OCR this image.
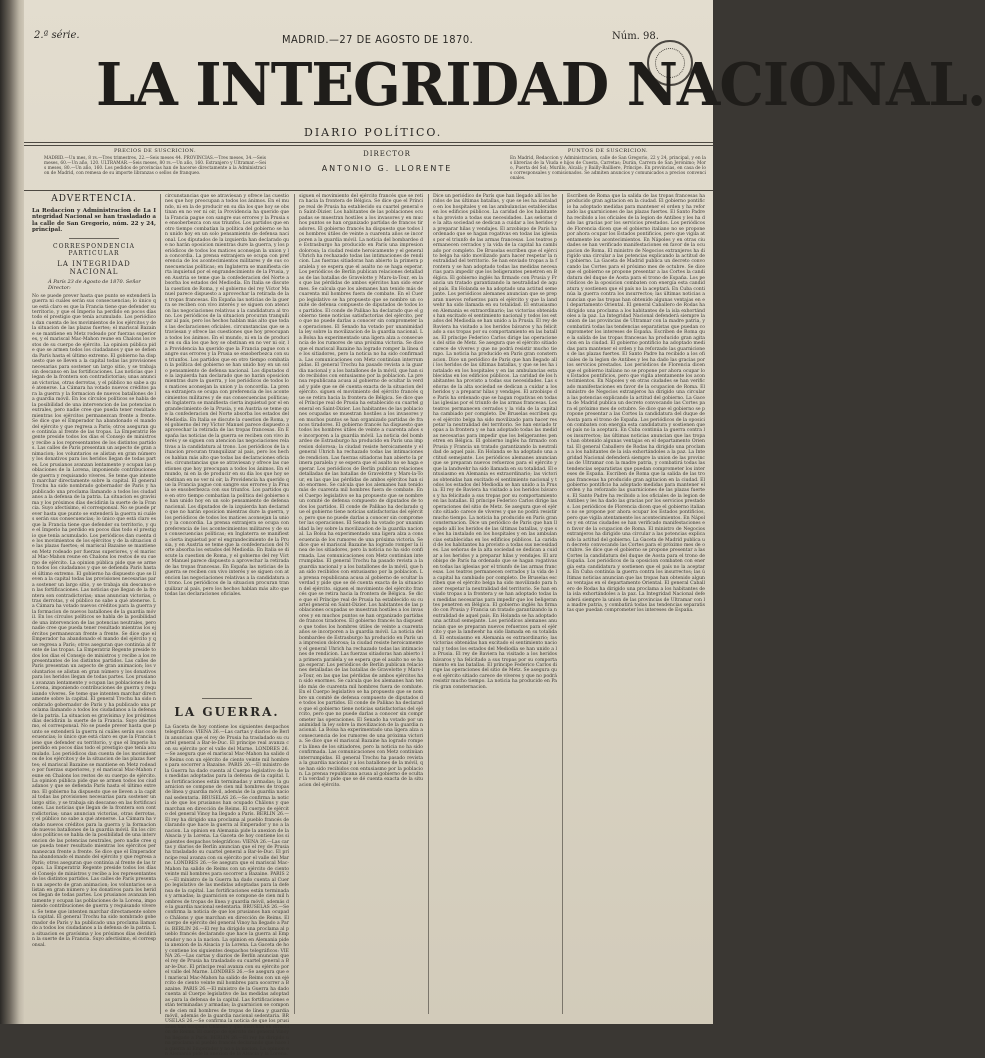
2.ª série.	MADRID.—27 DE AGOSTO DE 1870.	Núm. 98.
LA INTEGRIDAD NACIONAL.
DIARIO POLÍTICO.
PRECIOS DE SUSCRICION.
MADRID.—Un mes, 8 rs.—Tres trimestres, 22.—Seis meses 44. PROVINCIAS.—Tres meses, 34.—Seis meses, 60.—Un año, 120. ULTRAMAR.—Seis meses, 80 rs.—Un año, 160. Estranjero y Ultramar.—Seis meses, 80.—Un año, 160. Los pedidos de provincias han de hacerse directamente a la Administracion de Madrid, con remesa de su importe libranzas o sellos de franqueo.
DIRECTOR
ANTONIO G. LLORENTE
PUNTOS DE SUSCRICION.
En Madrid, Redaccion y Administracion, calle de San Gregorio, 22 y 24, principal, y en las librerías de la Viuda e hijos de Cuesta, Carretas; Durán, Carrera de San Jerónimo; Moro, Puerta del Sol; Murillo, Alcalá; y Bailly-Bailliere, Príncipe. En provincias, en casa de los corresponsales y comisionados. Se admiten anuncios y comunicados a precios convencionales.
ADVERTENCIA.
La Redaccion y Administracion de La Integridad Nacional se han trasladado a la calle de San Gregorio, núm. 22 y 24, principal.
CORRESPONDENCIA PARTICULAR
LA INTEGRIDAD NACIONAL
Á París 23 de Agosto de 1870. Señor Director:
No se puede prever hasta que punto se extenderá la guerra ni cuáles serán sus consecuencias; lo único que está claro es que la Francia tiene que defender su territorio, y que el Imperio ha perdido en pocos días todo el prestigio que tenía acumulado. Los periódicos dan cuenta de los movimientos de los ejércitos y de la situacion de las plazas fuertes; el mariscal Bazaine se mantiene en Metz rodeado por fuerzas superiores, y el mariscal Mac-Mahon reune en Chalons los restos de su cuerpo de ejército. La opinion pública pide que se armen todos los ciudadanos y que se defienda París hasta el último extremo. El gobierno ha dispuesto que se lleven a la capital todas las provisiones necesarias para sostener un largo sitio, y se trabaja sin descanso en las fortificaciones. Las noticias que llegan de la frontera son contradictorias; unas anuncian victorias, otras derrotas, y el público no sabe a qué atenerse. La Cámara ha votado nuevos créditos para la guerra y la formacion de nuevos batallones de la guardia móvil. En los círculos políticos se habla de la posibilidad de una intervencion de las potencias neutrales, pero nadie cree que pueda tener resultado mientras los ejércitos permanezcan frente a frente. Se dice que el Emperador ha abandonado el mando del ejército y que regresa a París; otros aseguran que continúa al frente de las tropas. La Emperatriz Regente preside todos los días el Consejo de ministros y recibe a los representantes de los distintos partidos. Las calles de París presentan un aspecto de gran animacion; los voluntarios se alistan en gran número y los donativos para los heridos llegan de todas partes. Los prusianos avanzan lentamente y ocupan las poblaciones de la Lorena, imponiendo contribuciones de guerra y requisando víveres. Se teme que intenten marchar directamente sobre la capital. El general Trochu ha sido nombrado gobernador de París y ha publicado una proclama llamando a todos los ciudadanos a la defensa de la patria. La situacion es gravísima y los próximos días decidirán la suerte de la Francia. Suyo afectísimo, el corresponsal. No se puede prever hasta que punto se extenderá la guerra ni cuáles serán sus consecuencias; lo único que está claro es que la Francia tiene que defender su territorio, y que el Imperio ha perdido en pocos días todo el prestigio que tenía acumulado. Los periódicos dan cuenta de los movimientos de los ejércitos y de la situacion de las plazas fuertes; el mariscal Bazaine se mantiene en Metz rodeado por fuerzas superiores, y el mariscal Mac-Mahon reune en Chalons los restos de su cuerpo de ejército. La opinion pública pide que se armen todos los ciudadanos y que se defienda París hasta el último extremo. El gobierno ha dispuesto que se lleven a la capital todas las provisiones necesarias para sostener un largo sitio, y se trabaja sin descanso en las fortificaciones. Las noticias que llegan de la frontera son contradictorias; unas anuncian victorias, otras derrotas, y el público no sabe a qué atenerse. La Cámara ha votado nuevos créditos para la guerra y la formacion de nuevos batallones de la guardia móvil. En los círculos políticos se habla de la posibilidad de una intervencion de las potencias neutrales, pero nadie cree que pueda tener resultado mientras los ejércitos permanezcan frente a frente. Se dice que el Emperador ha abandonado el mando del ejército y que regresa a París; otros aseguran que continúa al frente de las tropas. La Emperatriz Regente preside todos los días el Consejo de ministros y recibe a los representantes de los distintos partidos. Las calles de París presentan un aspecto de gran animacion; los voluntarios se alistan en gran número y los donativos para los heridos llegan de todas partes. Los prusianos avanzan lentamente y ocupan las poblaciones de la Lorena, imponiendo contribuciones de guerra y requisando víveres. Se teme que intenten marchar directamente sobre la capital. El general Trochu ha sido nombrado gobernador de París y ha publicado una proclama llamando a todos los ciudadanos a la defensa de la patria. La situacion es gravísima y los próximos días decidirán la suerte de la Francia. Suyo afectísimo, el corresponsal. No se puede prever hasta que punto se extenderá la guerra ni cuáles serán sus consecuencias; lo único que está claro es que la Francia tiene que defender su territorio, y que el Imperio ha perdido en pocos días todo el prestigio que tenía acumulado. Los periódicos dan cuenta de los movimientos de los ejércitos y de la situacion de las plazas fuertes; el mariscal Bazaine se mantiene en Metz rodeado por fuerzas superiores, y el mariscal Mac-Mahon reune en Chalons los restos de su cuerpo de ejército. La opinion pública pide que se armen todos los ciudadanos y que se defienda París hasta el último extremo. El gobierno ha dispuesto que se lleven a la capital todas las provisiones necesarias para sostener un largo sitio, y se trabaja sin descanso en las fortificaciones. Las noticias que llegan de la frontera son contradictorias; unas anuncian victorias, otras derrotas, y el público no sabe a qué atenerse. La Cámara ha votado nuevos créditos para la guerra y la formacion de nuevos batallones de la guardia móvil. En los círculos políticos se habla de la posibilidad de una intervencion de las potencias neutrales, pero nadie cree que pueda tener resultado mientras los ejércitos permanezcan frente a frente. Se dice que el Emperador ha abandonado el mando del ejército y que regresa a París; otros aseguran que continúa al frente de las tropas. La Emperatriz Regente preside todos los días el Consejo de ministros y recibe a los representantes de los distintos partidos. Las calles de París presentan un aspecto de gran animacion; los voluntarios se alistan en gran número y los donativos para los heridos llegan de todas partes. Los prusianos avanzan lentamente y ocupan las poblaciones de la Lorena, imponiendo contribuciones de guerra y requisando víveres. Se teme que intenten marchar directamente sobre la capital. El general Trochu ha sido nombrado gobernador de París y ha publicado una proclama llamando a todos los ciudadanos a la defensa de la patria. La situacion es gravísima y los próximos días decidirán la suerte de la Francia. Suyo afectísimo, el corresponsal.
circunstancias que se atraviesan y ofrece las cuestiones que hoy preocupan a todos los ánimos. En el mundo, ni en la de producir en su dia los que hoy se obstinan en no ver ni oir, la Providencia ha querido que la Francia pague con sangre sus errores y la Prusia se ensoberbezca con sus triunfos. Los partidos que en otro tiempo combatían la política del gobierno se han unido hoy en un solo pensamiento de defensa nacional. Los diputados de la izquierda han declarado que no harán oposicion mientras dure la guerra, y los periódicos de todos los matices aconsejan la union y la concordia. La prensa extranjera se ocupa con preferencia de los acontecimientos militares y de sus consecuencias políticas; en Inglaterra se manifiesta cierta inquietud por el engrandecimiento de la Prusia, y en Austria se teme que la confederacion del Norte absorba los estados del Mediodía. En Italia se discute la cuestion de Roma, y el gobierno del rey Víctor Manuel parece dispuesto a aprovechar la retirada de las tropas francesas. En España las noticias de la guerra se reciben con vivo interés y se siguen con atencion las negociaciones relativas a la candidatura al trono. Los periódicos de la situacion procuran tranquilizar al país, pero los hechos hablan más alto que todas las declaraciones oficiales. circunstancias que se atraviesan y ofrece las cuestiones que hoy preocupan a todos los ánimos. En el mundo, ni en la de producir en su dia los que hoy se obstinan en no ver ni oir, la Providencia ha querido que la Francia pague con sangre sus errores y la Prusia se ensoberbezca con sus triunfos. Los partidos que en otro tiempo combatían la política del gobierno se han unido hoy en un solo pensamiento de defensa nacional. Los diputados de la izquierda han declarado que no harán oposicion mientras dure la guerra, y los periódicos de todos los matices aconsejan la union y la concordia. La prensa extranjera se ocupa con preferencia de los acontecimientos militares y de sus consecuencias políticas; en Inglaterra se manifiesta cierta inquietud por el engrandecimiento de la Prusia, y en Austria se teme que la confederacion del Norte absorba los estados del Mediodía. En Italia se discute la cuestion de Roma, y el gobierno del rey Víctor Manuel parece dispuesto a aprovechar la retirada de las tropas francesas. En España las noticias de la guerra se reciben con vivo interés y se siguen con atencion las negociaciones relativas a la candidatura al trono. Los periódicos de la situacion procuran tranquilizar al país, pero los hechos hablan más alto que todas las declaraciones oficiales. circunstancias que se atraviesan y ofrece las cuestiones que hoy preocupan a todos los ánimos. En el mundo, ni en la de producir en su dia los que hoy se obstinan en no ver ni oir, la Providencia ha querido que la Francia pague con sangre sus errores y la Prusia se ensoberbezca con sus triunfos. Los partidos que en otro tiempo combatían la política del gobierno se han unido hoy en un solo pensamiento de defensa nacional. Los diputados de la izquierda han declarado que no harán oposicion mientras dure la guerra, y los periódicos de todos los matices aconsejan la union y la concordia. La prensa extranjera se ocupa con preferencia de los acontecimientos militares y de sus consecuencias políticas; en Inglaterra se manifiesta cierta inquietud por el engrandecimiento de la Prusia, y en Austria se teme que la confederacion del Norte absorba los estados del Mediodía. En Italia se discute la cuestion de Roma, y el gobierno del rey Víctor Manuel parece dispuesto a aprovechar la retirada de las tropas francesas. En España las noticias de la guerra se reciben con vivo interés y se siguen con atencion las negociaciones relativas a la candidatura al trono. Los periódicos de la situacion procuran tranquilizar al país, pero los hechos hablan más alto que todas las declaraciones oficiales.
LA GUERRA.
La Gaceta de hoy contiene los siguientes despachos telegráficos: VIENA 26.—Las cartas y diarios de Berlín anuncian que el rey de Prusia ha trasladado su cuartel general a Bar-le-Duc. El príncipe real avanza con su ejército por el valle del Marne. LONDRES 26.—Se asegura que el mariscal Mac-Mahon ha salido de Reims con un ejército de ciento veinte mil hombres para socorrer a Bazaine. PARIS 26.—El ministro de la Guerra ha dado cuenta al Cuerpo legislativo de las medidas adoptadas para la defensa de la capital. Las fortificaciones están terminadas y armadas; la guarnicion se compone de cien mil hombres de tropas de línea y guardia móvil, además de la guardia nacional sedentaria. BRUSELAS 26.—Se confirma la noticia de que los prusianos han ocupado Châlons y que marchan en dirección de Reims. El cuerpo de ejército del general Vinoy ha llegado a París. BERLIN 26.—El rey ha dirigido una proclama al pueblo francés declarando que hace la guerra al Emperador y no a la nacion. La opinion en Alemania pide la anexion de la Alsacia y la Lorena. La Gaceta de hoy contiene los siguientes despachos telegráficos: VIENA 26.—Las cartas y diarios de Berlín anuncian que el rey de Prusia ha trasladado su cuartel general a Bar-le-Duc. El príncipe real avanza con su ejército por el valle del Marne. LONDRES 26.—Se asegura que el mariscal Mac-Mahon ha salido de Reims con un ejército de ciento veinte mil hombres para socorrer a Bazaine. PARIS 26.—El ministro de la Guerra ha dado cuenta al Cuerpo legislativo de las medidas adoptadas para la defensa de la capital. Las fortificaciones están terminadas y armadas; la guarnicion se compone de cien mil hombres de tropas de línea y guardia móvil, además de la guardia nacional sedentaria. BRUSELAS 26.—Se confirma la noticia de que los prusianos han ocupado Châlons y que marchan en dirección de Reims. El cuerpo de ejército del general Vinoy ha llegado a París. BERLIN 26.—El rey ha dirigido una proclama al pueblo francés declarando que hace la guerra al Emperador y no a la nacion. La opinion en Alemania pide la anexion de la Alsacia y la Lorena. La Gaceta de hoy contiene los siguientes despachos telegráficos: VIENA 26.—Las cartas y diarios de Berlín anuncian que el rey de Prusia ha trasladado su cuartel general a Bar-le-Duc. El príncipe real avanza con su ejército por el valle del Marne. LONDRES 26.—Se asegura que el mariscal Mac-Mahon ha salido de Reims con un ejército de ciento veinte mil hombres para socorrer a Bazaine. PARIS 26.—El ministro de la Guerra ha dado cuenta al Cuerpo legislativo de las medidas adoptadas para la defensa de la capital. Las fortificaciones están terminadas y armadas; la guarnicion se compone de cien mil hombres de tropas de línea y guardia móvil, además de la guardia nacional sedentaria. BRUSELAS 26.—Se confirma la noticia de que los prusianos han ocupado Châlons y que marchan en dirección de Reims. El cuerpo de ejército del general Vinoy ha llegado a París. BERLIN 26.—El rey ha dirigido una proclama al pueblo francés declarando que hace la guerra al Emperador y no a la nacion. La opinion en Alemania pide la anexion de la Alsacia y la Lorena.
siguen el movimiento del ejército francés que se retira hacia la frontera de Bélgica. Se dice que el Príncipe real de Prusia ha establecido su cuartel general en Saint-Dizier. Los habitantes de las poblaciones ocupadas se muestran hostiles a los invasores y en muchos puntos se han organizado partidas de francos tiradores. El gobierno francés ha dispuesto que todos los hombres útiles de veinte a cuarenta años se incorporen a la guardia móvil. La noticia del bombardeo de Estrasburgo ha producido en París una impresion dolorosa; la ciudad resiste heroicamente y el general Uhrich ha rechazado todas las intimaciones de rendicion. Las fuerzas sitiadoras han abierto la primera paralela y se espera que el asalto no se haga esperar. Los periódicos de Berlín publican relaciones detalladas de las batallas de Gravelotte y Mars-la-Tour, en las que las pérdidas de ambos ejércitos han sido enormes. Se calcula que los alemanes han tenido más de cuarenta mil hombres fuera de combate. En el Cuerpo legislativo se ha propuesto que se nombre un comité de defensa compuesto de diputados de todos los partidos. El conde de Palikao ha declarado que el gobierno tiene noticias satisfactorias del ejército, pero que no puede darlas a conocer sin comprometer las operaciones. El Senado ha votado por unanimidad la ley sobre la movilizacion de la guardia nacional. La Bolsa ha experimentado una ligera alza a consecuencia de los rumores de una próxima victoria. Se dice que el mariscal Bazaine ha logrado romper la línea de los sitiadores, pero la noticia no ha sido confirmada. Las comunicaciones con Metz continúan interrumpidas. El general Trochu ha pasado revista a la guardia nacional y a los batallones de la móvil, que han sido recibidos con entusiasmo por la poblacion. La prensa republicana acusa al gobierno de ocultar la verdad y pide que se dé cuenta exacta de la situacion del ejército. siguen el movimiento del ejército francés que se retira hacia la frontera de Bélgica. Se dice que el Príncipe real de Prusia ha establecido su cuartel general en Saint-Dizier. Los habitantes de las poblaciones ocupadas se muestran hostiles a los invasores y en muchos puntos se han organizado partidas de francos tiradores. El gobierno francés ha dispuesto que todos los hombres útiles de veinte a cuarenta años se incorporen a la guardia móvil. La noticia del bombardeo de Estrasburgo ha producido en París una impresion dolorosa; la ciudad resiste heroicamente y el general Uhrich ha rechazado todas las intimaciones de rendicion. Las fuerzas sitiadoras han abierto la primera paralela y se espera que el asalto no se haga esperar. Los periódicos de Berlín publican relaciones detalladas de las batallas de Gravelotte y Mars-la-Tour, en las que las pérdidas de ambos ejércitos han sido enormes. Se calcula que los alemanes han tenido más de cuarenta mil hombres fuera de combate. En el Cuerpo legislativo se ha propuesto que se nombre un comité de defensa compuesto de diputados de todos los partidos. El conde de Palikao ha declarado que el gobierno tiene noticias satisfactorias del ejército, pero que no puede darlas a conocer sin comprometer las operaciones. El Senado ha votado por unanimidad la ley sobre la movilizacion de la guardia nacional. La Bolsa ha experimentado una ligera alza a consecuencia de los rumores de una próxima victoria. Se dice que el mariscal Bazaine ha logrado romper la línea de los sitiadores, pero la noticia no ha sido confirmada. Las comunicaciones con Metz continúan interrumpidas. El general Trochu ha pasado revista a la guardia nacional y a los batallones de la móvil, que han sido recibidos con entusiasmo por la poblacion. La prensa republicana acusa al gobierno de ocultar la verdad y pide que se dé cuenta exacta de la situacion del ejército. siguen el movimiento del ejército francés que se retira hacia la frontera de Bélgica. Se dice que el Príncipe real de Prusia ha establecido su cuartel general en Saint-Dizier. Los habitantes de las poblaciones ocupadas se muestran hostiles a los invasores y en muchos puntos se han organizado partidas de francos tiradores. El gobierno francés ha dispuesto que todos los hombres útiles de veinte a cuarenta años se incorporen a la guardia móvil. La noticia del bombardeo de Estrasburgo ha producido en París una impresion dolorosa; la ciudad resiste heroicamente y el general Uhrich ha rechazado todas las intimaciones de rendicion. Las fuerzas sitiadoras han abierto la primera paralela y se espera que el asalto no se haga esperar. Los periódicos de Berlín publican relaciones detalladas de las batallas de Gravelotte y Mars-la-Tour, en las que las pérdidas de ambos ejércitos han sido enormes. Se calcula que los alemanes han tenido más de cuarenta mil hombres fuera de combate. En el Cuerpo legislativo se ha propuesto que se nombre un comité de defensa compuesto de diputados de todos los partidos. El conde de Palikao ha declarado que el gobierno tiene noticias satisfactorias del ejército, pero que no puede darlas a conocer sin comprometer las operaciones. El Senado ha votado por unanimidad la ley sobre la movilizacion de la guardia nacional. La Bolsa ha experimentado una ligera alza a consecuencia de los rumores de una próxima victoria. Se dice que el mariscal Bazaine ha logrado romper la línea de los sitiadores, pero la noticia no ha sido confirmada. Las comunicaciones con Metz continúan interrumpidas. El general Trochu ha pasado revista a la guardia nacional y a los batallones de la móvil, que han sido recibidos con entusiasmo por la poblacion. La prensa republicana acusa al gobierno de ocultar la verdad y pide que se dé cuenta exacta de la situacion del ejército.
Dice un periódico de París que han llegado allí los heridos de las últimas batallas, y que se les ha instalado en los hospitales y en las ambulancias establecidas en los edificios públicos. La caridad de los habitantes ha provisto a todas sus necesidades. Las señoras de la alta sociedad se dedican a cuidar a los heridos y a preparar hilas y vendajes. El arzobispo de París ha ordenado que se hagan rogativas en todas las iglesias por el triunfo de las armas francesas. Los teatros permanecen cerrados y la vida de la capital ha cambiado por completo. De Bruselas escriben que el ejército belga ha sido movilizado para hacer respetar la neutralidad del territorio. Se han enviado tropas a la frontera y se han adoptado todas las medidas necesarias para impedir que los beligerantes penetren en Bélgica. El gobierno inglés ha firmado con Prusia y Francia un tratado garantizando la neutralidad de aquel país. En Holanda se ha adoptado una actitud semejante. Los periódicos alemanes anuncian que se preparan nuevos refuerzos para el ejército y que la landwehr ha sido llamada en su totalidad. El entusiasmo en Alemania es extraordinario; las victorias obtenidas han excitado el sentimiento nacional y todos los estados del Mediodía se han unido a la Prusia. El rey de Baviera ha visitado a los heridos bávaros y ha felicitado a sus tropas por su comportamiento en las batallas. El príncipe Federico Carlos dirige las operaciones del sitio de Metz. Se asegura que el ejército sitiado carece de víveres y que no podrá resistir mucho tiempo. La noticia ha producido en París gran consternacion. Dice un periódico de París que han llegado allí los heridos de las últimas batallas, y que se les ha instalado en los hospitales y en las ambulancias establecidas en los edificios públicos. La caridad de los habitantes ha provisto a todas sus necesidades. Las señoras de la alta sociedad se dedican a cuidar a los heridos y a preparar hilas y vendajes. El arzobispo de París ha ordenado que se hagan rogativas en todas las iglesias por el triunfo de las armas francesas. Los teatros permanecen cerrados y la vida de la capital ha cambiado por completo. De Bruselas escriben que el ejército belga ha sido movilizado para hacer respetar la neutralidad del territorio. Se han enviado tropas a la frontera y se han adoptado todas las medidas necesarias para impedir que los beligerantes penetren en Bélgica. El gobierno inglés ha firmado con Prusia y Francia un tratado garantizando la neutralidad de aquel país. En Holanda se ha adoptado una actitud semejante. Los periódicos alemanes anuncian que se preparan nuevos refuerzos para el ejército y que la landwehr ha sido llamada en su totalidad. El entusiasmo en Alemania es extraordinario; las victorias obtenidas han excitado el sentimiento nacional y todos los estados del Mediodía se han unido a la Prusia. El rey de Baviera ha visitado a los heridos bávaros y ha felicitado a sus tropas por su comportamiento en las batallas. El príncipe Federico Carlos dirige las operaciones del sitio de Metz. Se asegura que el ejército sitiado carece de víveres y que no podrá resistir mucho tiempo. La noticia ha producido en París gran consternacion. Dice un periódico de París que han llegado allí los heridos de las últimas batallas, y que se les ha instalado en los hospitales y en las ambulancias establecidas en los edificios públicos. La caridad de los habitantes ha provisto a todas sus necesidades. Las señoras de la alta sociedad se dedican a cuidar a los heridos y a preparar hilas y vendajes. El arzobispo de París ha ordenado que se hagan rogativas en todas las iglesias por el triunfo de las armas francesas. Los teatros permanecen cerrados y la vida de la capital ha cambiado por completo. De Bruselas escriben que el ejército belga ha sido movilizado para hacer respetar la neutralidad del territorio. Se han enviado tropas a la frontera y se han adoptado todas las medidas necesarias para impedir que los beligerantes penetren en Bélgica. El gobierno inglés ha firmado con Prusia y Francia un tratado garantizando la neutralidad de aquel país. En Holanda se ha adoptado una actitud semejante. Los periódicos alemanes anuncian que se preparan nuevos refuerzos para el ejército y que la landwehr ha sido llamada en su totalidad. El entusiasmo en Alemania es extraordinario; las victorias obtenidas han excitado el sentimiento nacional y todos los estados del Mediodía se han unido a la Prusia. El rey de Baviera ha visitado a los heridos bávaros y ha felicitado a sus tropas por su comportamiento en las batallas. El príncipe Federico Carlos dirige las operaciones del sitio de Metz. Se asegura que el ejército sitiado carece de víveres y que no podrá resistir mucho tiempo. La noticia ha producido en París gran consternacion.
Escriben de Roma que la salida de las tropas francesas ha producido gran agitacion en la ciudad. El gobierno pontificio ha adoptado medidas para mantener el orden y ha reforzado las guarniciones de las plazas fuertes. El Santo Padre ha recibido a los oficiales de la legion de Antibes y les ha dado las gracias por los servicios prestados. Los periódicos de Florencia dicen que el gobierno italiano no se propone por ahora ocupar los Estados pontificios, pero que vigila atentamente los acontecimientos. En Nápoles y en otras ciudades se han verificado manifestaciones en favor de la ocupacion de Roma. El ministro de Negocios extranjeros ha dirigido una circular a las potencias explicando la actitud del gobierno. La Gaceta de Madrid publica un decreto convocando las Cortes para el próximo mes de octubre. Se dice que el gobierno se propone presentar a las Cortes la candidatura del duque de Aosta para el trono de España. Los periódicos de la oposicion combaten con energía esta candidatura y sostienen que el país no la aceptará. En Cuba continúa la guerra contra los insurrectos; las últimas noticias anuncian que las tropas han obtenido algunas ventajas en el departamento Oriental. El general Caballero de Rodas ha dirigido una proclama a los habitantes de la isla exhortándoles a la paz. La Integridad Nacional defenderá siempre la union de las provincias de Ultramar con la madre patria, y combatirá todas las tendencias separatistas que puedan comprometer los intereses de España. Escriben de Roma que la salida de las tropas francesas ha producido gran agitacion en la ciudad. El gobierno pontificio ha adoptado medidas para mantener el orden y ha reforzado las guarniciones de las plazas fuertes. El Santo Padre ha recibido a los oficiales de la legion de Antibes y les ha dado las gracias por los servicios prestados. Los periódicos de Florencia dicen que el gobierno italiano no se propone por ahora ocupar los Estados pontificios, pero que vigila atentamente los acontecimientos. En Nápoles y en otras ciudades se han verificado manifestaciones en favor de la ocupacion de Roma. El ministro de Negocios extranjeros ha dirigido una circular a las potencias explicando la actitud del gobierno. La Gaceta de Madrid publica un decreto convocando las Cortes para el próximo mes de octubre. Se dice que el gobierno se propone presentar a las Cortes la candidatura del duque de Aosta para el trono de España. Los periódicos de la oposicion combaten con energía esta candidatura y sostienen que el país no la aceptará. En Cuba continúa la guerra contra los insurrectos; las últimas noticias anuncian que las tropas han obtenido algunas ventajas en el departamento Oriental. El general Caballero de Rodas ha dirigido una proclama a los habitantes de la isla exhortándoles a la paz. La Integridad Nacional defenderá siempre la union de las provincias de Ultramar con la madre patria, y combatirá todas las tendencias separatistas que puedan comprometer los intereses de España. Escriben de Roma que la salida de las tropas francesas ha producido gran agitacion en la ciudad. El gobierno pontificio ha adoptado medidas para mantener el orden y ha reforzado las guarniciones de las plazas fuertes. El Santo Padre ha recibido a los oficiales de la legion de Antibes y les ha dado las gracias por los servicios prestados. Los periódicos de Florencia dicen que el gobierno italiano no se propone por ahora ocupar los Estados pontificios, pero que vigila atentamente los acontecimientos. En Nápoles y en otras ciudades se han verificado manifestaciones en favor de la ocupacion de Roma. El ministro de Negocios extranjeros ha dirigido una circular a las potencias explicando la actitud del gobierno. La Gaceta de Madrid publica un decreto convocando las Cortes para el próximo mes de octubre. Se dice que el gobierno se propone presentar a las Cortes la candidatura del duque de Aosta para el trono de España. Los periódicos de la oposicion combaten con energía esta candidatura y sostienen que el país no la aceptará. En Cuba continúa la guerra contra los insurrectos; las últimas noticias anuncian que las tropas han obtenido algunas ventajas en el departamento Oriental. El general Caballero de Rodas ha dirigido una proclama a los habitantes de la isla exhortándoles a la paz. La Integridad Nacional defenderá siempre la union de las provincias de Ultramar con la madre patria, y combatirá todas las tendencias separatistas que puedan comprometer los intereses de España.
